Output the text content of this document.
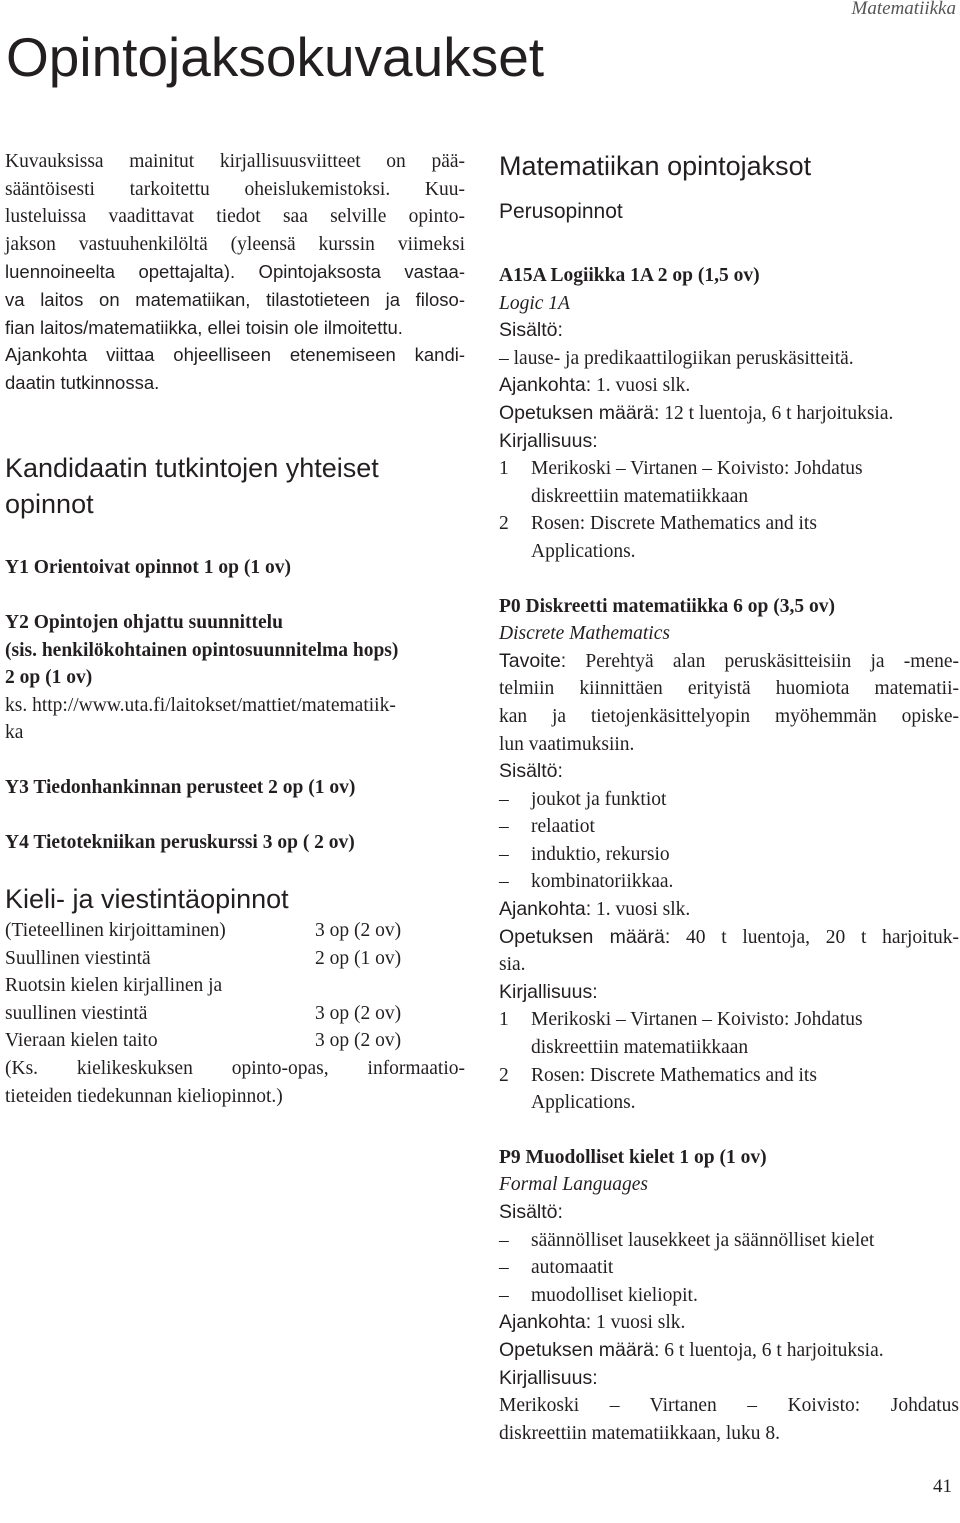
Matematiikka
Opintojaksokuvaukset
Kuvauksissa mainitut kirjallisuusviitteet on pää-
sääntöisesti tarkoitettu oheislukemistoksi. Kuu-
lusteluissa vaadittavat tiedot saa selville opinto-
jakson vastuuhenkilöltä (yleensä kurssin viimeksi
luennoineelta opettajalta). Opintojaksosta vastaa-
va laitos on matematiikan, tilastotieteen ja filoso-
fian laitos/matematiikka, ellei toisin ole ilmoitettu.
Ajankohta viittaa ohjeelliseen etenemiseen kandi-
daatin tutkinnossa.
Kandidaatin tutkintojen yhteiset
opinnot
Y1 Orientoivat opinnot 1 op (1 ov)
Y2 Opintojen ohjattu suunnittelu
(sis. henkilökohtainen opintosuunnitelma hops)
2 op (1 ov)
ks. http://www.uta.fi/laitokset/mattiet/matematiik-
ka
Y3 Tiedonhankinnan perusteet 2 op (1 ov)
Y4 Tietotekniikan peruskurssi 3 op ( 2 ov)
Kieli- ja viestintäopinnot
(Tieteellinen kirjoittaminen)	3 op (2 ov)
Suullinen viestintä	2 op (1 ov)
Ruotsin kielen kirjallinen ja
suullinen viestintä	3 op (2 ov)
Vieraan kielen taito	3 op (2 ov)
(Ks. kielikeskuksen opinto-opas, informaatio-
tieteiden tiedekunnan kieliopinnot.)
Matematiikan opintojaksot
Perusopinnot
A15A Logiikka 1A 2 op (1,5 ov)
Logic 1A
Sisältö:
– lause- ja predikaattilogiikan peruskäsitteitä.
Ajankohta: 1. vuosi slk.
Opetuksen määrä: 12 t luentoja, 6 t harjoituksia.
Kirjallisuus:
1	Merikoski – Virtanen – Koivisto: Johdatus
diskreettiin matematiikkaan
2	Rosen: Discrete Mathematics and its
Applications.
P0 Diskreetti matematiikka 6 op (3,5 ov)
Discrete Mathematics
Tavoite: Perehtyä alan peruskäsitteisiin ja -mene-
telmiin kiinnittäen erityistä huomiota matematii-
kan ja tietojenkäsittelyopin myöhemmän opiske-
lun vaatimuksiin.
Sisältö:
–	joukot ja funktiot
–	relaatiot
–	induktio, rekursio
–	kombinatoriikkaa.
Ajankohta: 1. vuosi slk.
Opetuksen määrä: 40 t luentoja, 20 t harjoituk-
sia.
Kirjallisuus:
1	Merikoski – Virtanen – Koivisto: Johdatus
diskreettiin matematiikkaan
2	Rosen: Discrete Mathematics and its
Applications.
P9 Muodolliset kielet 1 op (1 ov)
Formal Languages
Sisältö:
–	säännölliset lausekkeet ja säännölliset kielet
–	automaatit
–	muodolliset kieliopit.
Ajankohta: 1 vuosi slk.
Opetuksen määrä: 6 t luentoja, 6 t harjoituksia.
Kirjallisuus:
Merikoski – Virtanen – Koivisto: Johdatus
diskreettiin matematiikkaan, luku 8.
41
